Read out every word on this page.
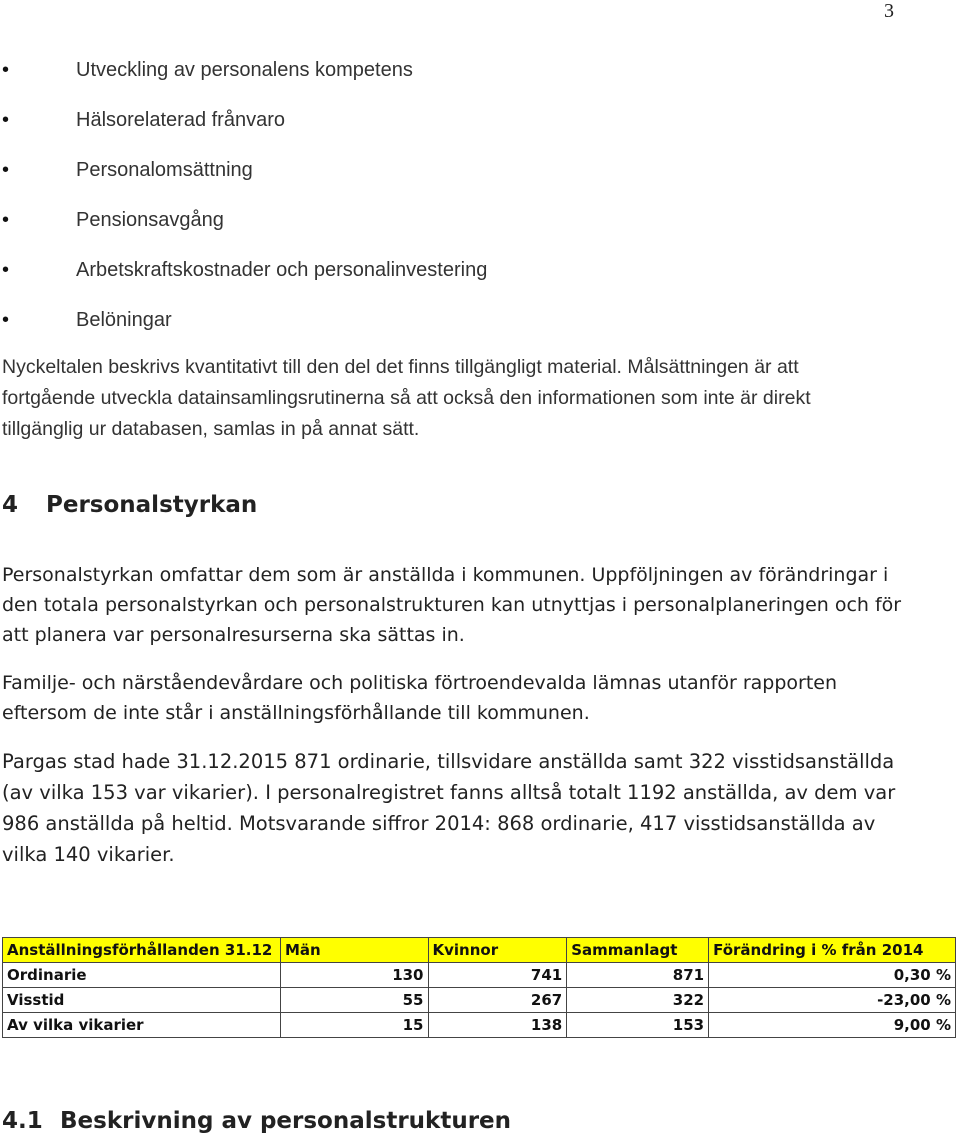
3
•	Utveckling av personalens kompetens
•	Hälsorelaterad frånvaro
•	Personalomsättning
•	Pensionsavgång
•	Arbetskraftskostnader och personalinvestering
•	Belöningar

Nyckeltalen beskrivs kvantitativt till den del det finns tillgängligt material. Målsättningen är att fortgående utveckla datainsamlingsrutinerna så att också den informationen som inte är direkt tillgänglig ur databasen, samlas in på annat sätt.

4 Personalstyrkan

Personalstyrkan omfattar dem som är anställda i kommunen. Uppföljningen av förändringar i den totala personalstyrkan och personalstrukturen kan utnyttjas i personalplaneringen och för att planera var personalresurserna ska sättas in.

Familje- och närståendevårdare och politiska förtroendevalda lämnas utanför rapporten eftersom de inte står i anställningsförhållande till kommunen.

Pargas stad hade 31.12.2015 871 ordinarie, tillsvidare anställda samt 322 visstidsanställda (av vilka 153 var vikarier). I personalregistret fanns alltså totalt 1192 anställda, av dem var 986 anställda på heltid. Motsvarande siffror 2014: 868 ordinarie, 417 visstidsanställda av vilka 140 vikarier.

Anställningsförhållanden 31.12	Män	Kvinnor	Sammanlagt	Förändring i % från 2014
Ordinarie	130	741	871	0,30 %
Visstid	55	267	322	-23,00 %
Av vilka vikarier	15	138	153	9,00 %
4.1 Beskrivning av personalstrukturen
